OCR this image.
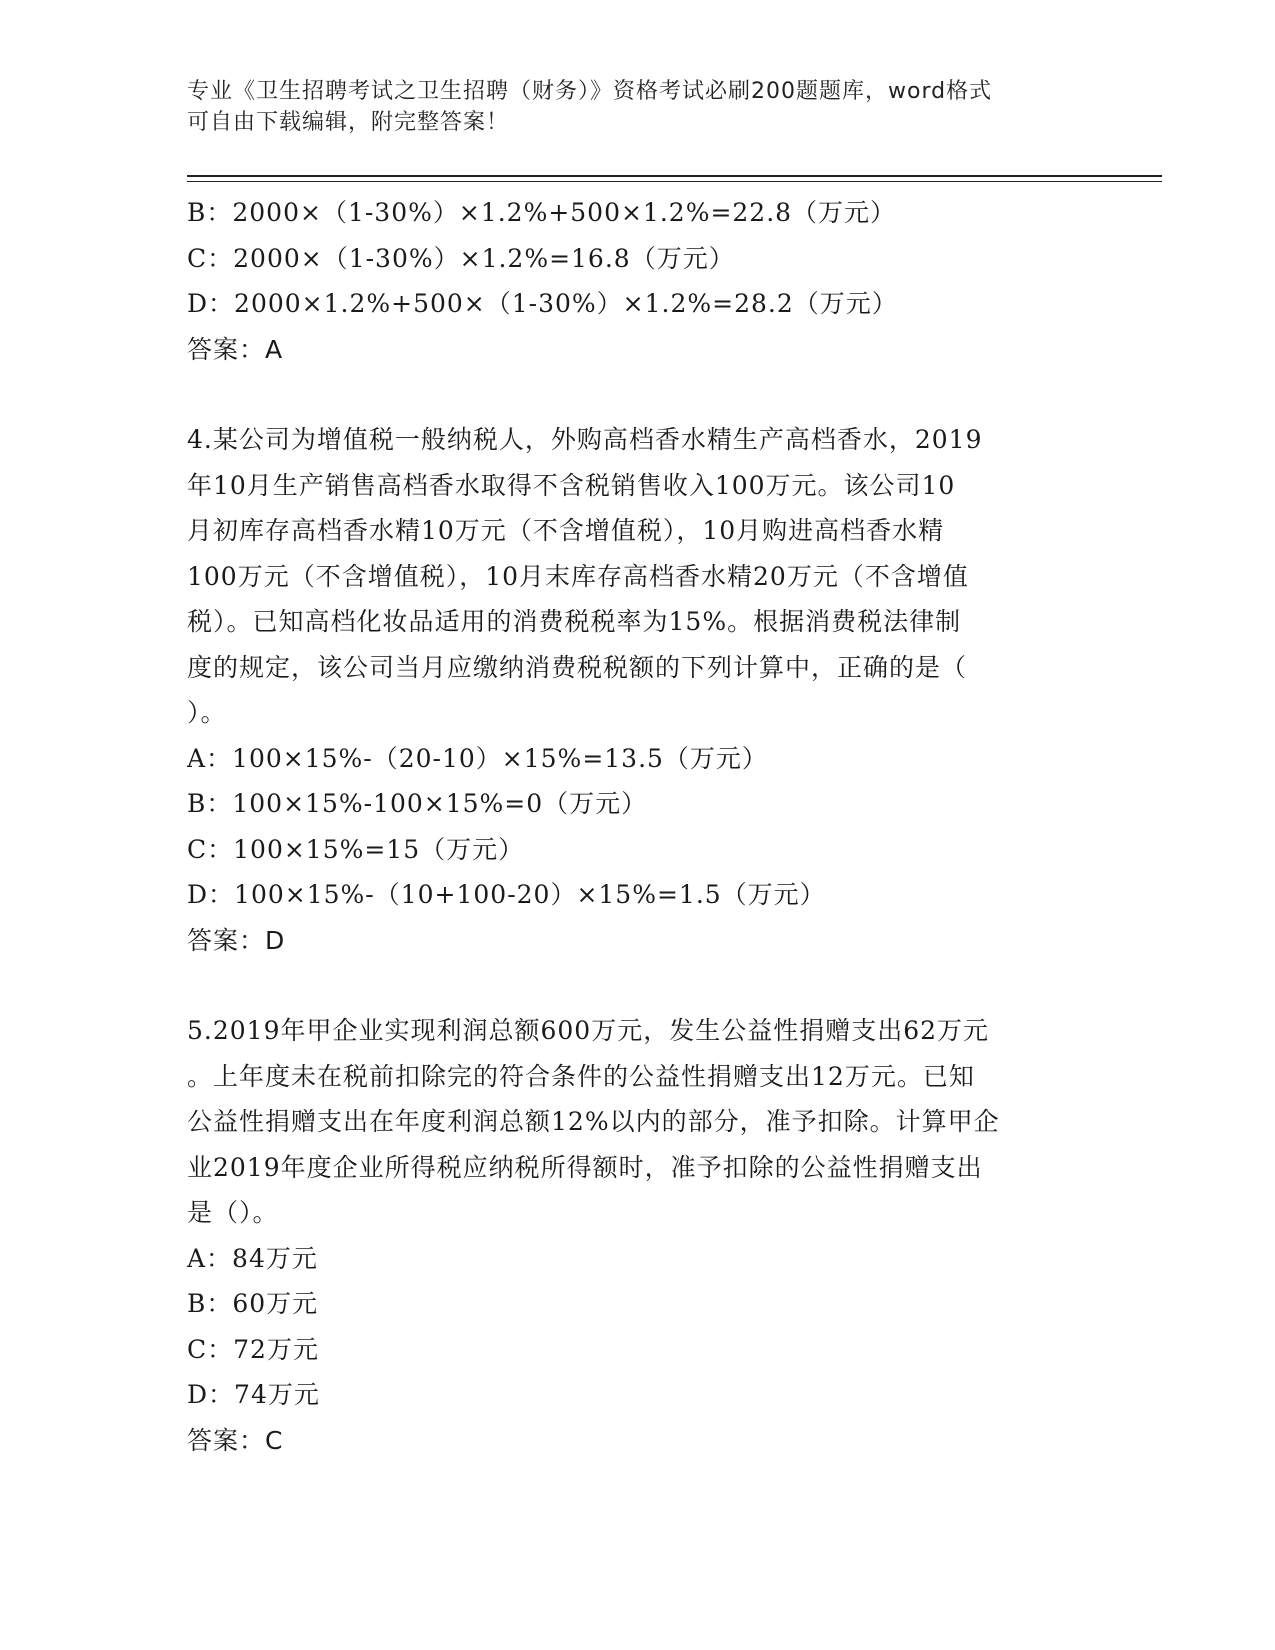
专业《卫生招聘考试之卫生招聘（财务）》资格考试必刷200题题库，word格式
可自由下载编辑，附完整答案！
B：2000×（1-30%）×1.2%+500×1.2%=22.8（万元）
C：2000×（1-30%）×1.2%=16.8（万元）
D：2000×1.2%+500×（1-30%）×1.2%=28.2（万元）
答案：A
4.某公司为增值税一般纳税人，外购高档香水精生产高档香水，2019
年10月生产销售高档香水取得不含税销售收入100万元。该公司10
月初库存高档香水精10万元（不含增值税），10月购进高档香水精
100万元（不含增值税），10月末库存高档香水精20万元（不含增值
税）。已知高档化妆品适用的消费税税率为15%。根据消费税法律制
度的规定，该公司当月应缴纳消费税税额的下列计算中，正确的是（
）。
A：100×15%-（20-10）×15%=13.5（万元）
B：100×15%-100×15%=0（万元）
C：100×15%=15（万元）
D：100×15%-（10+100-20）×15%=1.5（万元）
答案：D
5.2019年甲企业实现利润总额600万元，发生公益性捐赠支出62万元
。上年度未在税前扣除完的符合条件的公益性捐赠支出12万元。已知
公益性捐赠支出在年度利润总额12%以内的部分，准予扣除。计算甲企
业2019年度企业所得税应纳税所得额时，准予扣除的公益性捐赠支出
是（）。
A：84万元
B：60万元
C：72万元
D：74万元
答案：C
